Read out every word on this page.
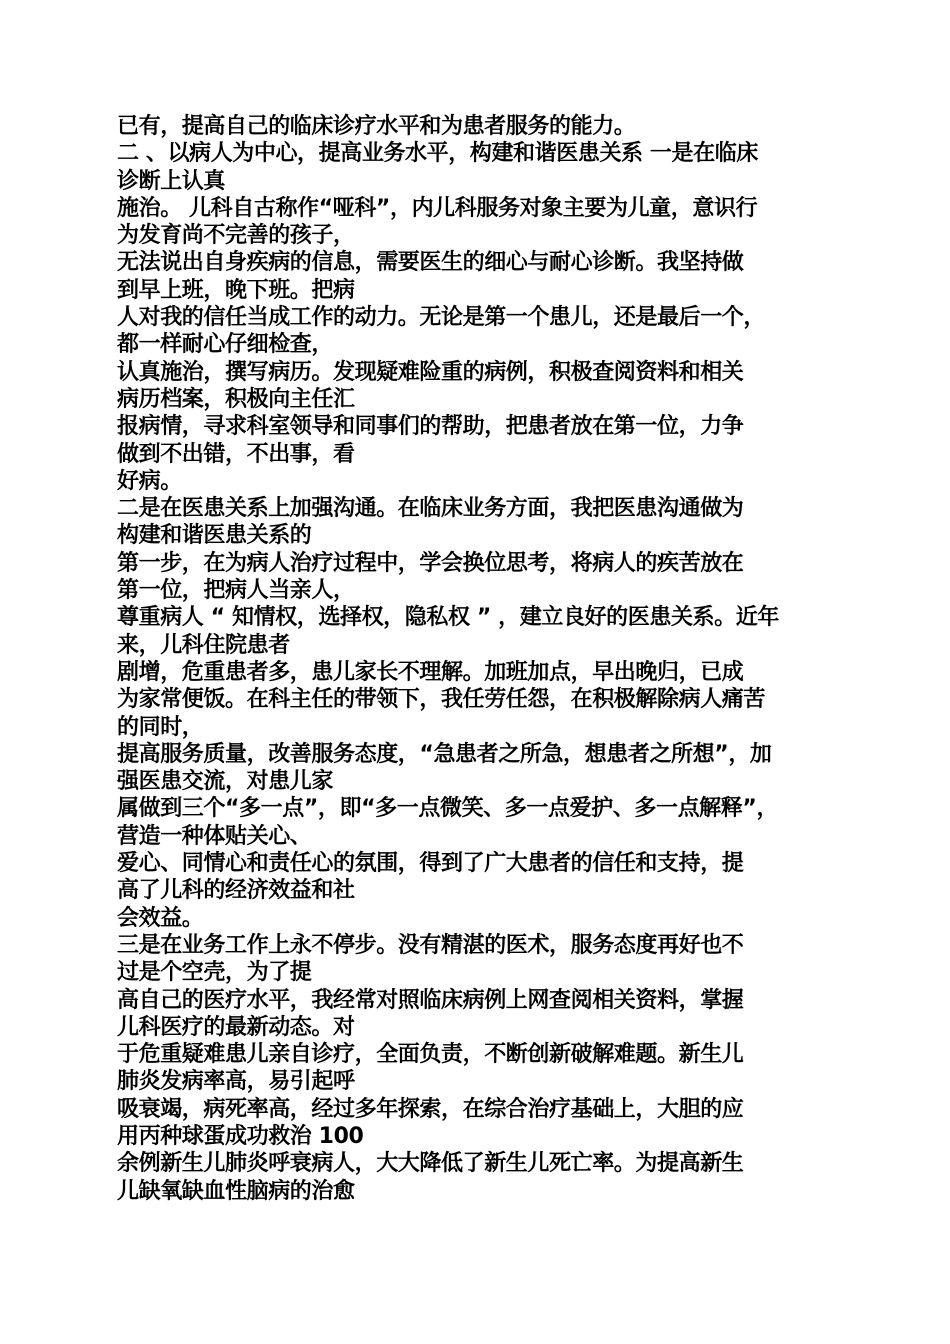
已有，提高自己的临床诊疗水平和为患者服务的能力。

二 、以病人为中心，提高业务水平，构建和谐医患关系 一是在临床

诊断上认真

施治。 儿科自古称作“哑科”，内儿科服务对象主要为儿童，意识行

为发育尚不完善的孩子，

无法说出自身疾病的信息，需要医生的细心与耐心诊断。我坚持做

到早上班，晚下班。把病

人对我的信任当成工作的动力。无论是第一个患儿，还是最后一个，

都一样耐心仔细检查，

认真施治，撰写病历。发现疑难险重的病例，积极查阅资料和相关

病历档案，积极向主任汇

报病情，寻求科室领导和同事们的帮助，把患者放在第一位，力争

做到不出错，不出事，看

好病。

二是在医患关系上加强沟通。在临床业务方面，我把医患沟通做为

构建和谐医患关系的

第一步，在为病人治疗过程中，学会换位思考，将病人的疾苦放在

第一位，把病人当亲人，

尊重病人 “ 知情权，选择权，隐私权 ” ，建立良好的医患关系。近年

来，儿科住院患者

剧增，危重患者多，患儿家长不理解。加班加点，早出晚归，已成

为家常便饭。在科主任的带领下，我任劳任怨，在积极解除病人痛苦

的同时，

提高服务质量，改善服务态度，“急患者之所急，想患者之所想”，加

强医患交流，对患儿家

属做到三个“多一点”，即“多一点微笑、多一点爱护、多一点解释”，

营造一种体贴关心、

爱心、同情心和责任心的氛围，得到了广大患者的信任和支持，提

高了儿科的经济效益和社

会效益。

三是在业务工作上永不停步。没有精湛的医术，服务态度再好也不

过是个空壳，为了提

高自己的医疗水平，我经常对照临床病例上网查阅相关资料，掌握

儿科医疗的最新动态。对

于危重疑难患儿亲自诊疗，全面负责，不断创新破解难题。新生儿

肺炎发病率高，易引起呼

吸衰竭，病死率高，经过多年探索，在综合治疗基础上，大胆的应

用丙种球蛋成功救治 100

余例新生儿肺炎呼衰病人，大大降低了新生儿死亡率。为提高新生

儿缺氧缺血性脑病的治愈
